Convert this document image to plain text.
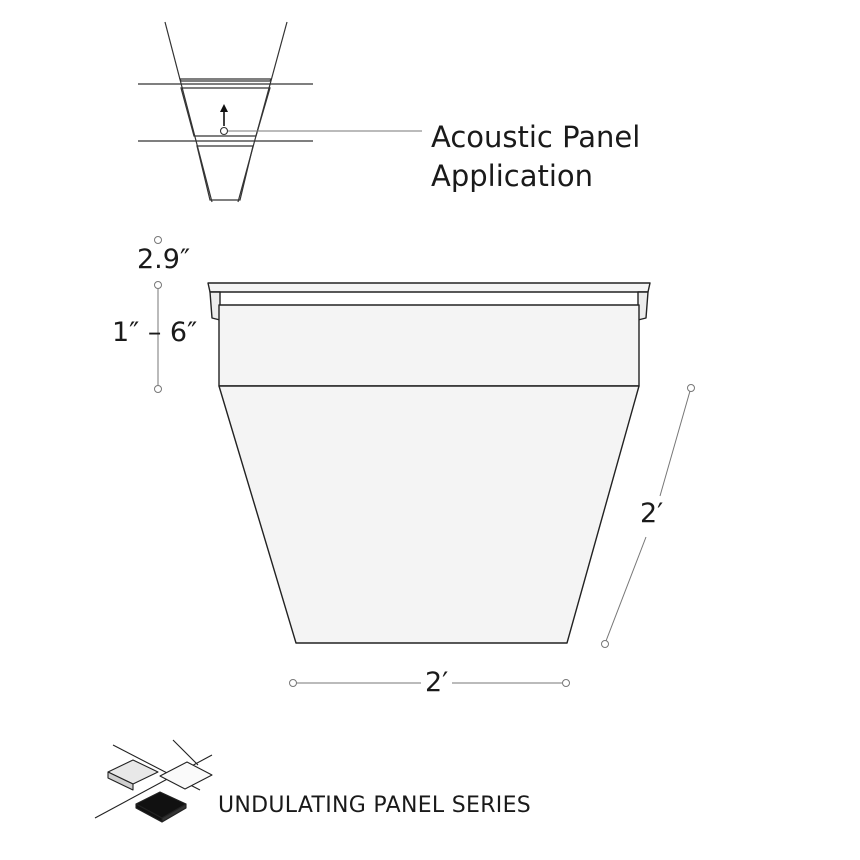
Acoustic Panel
Application
2.9″
1″ – 6″
2′
2′
UNDULATING PANEL SERIES
